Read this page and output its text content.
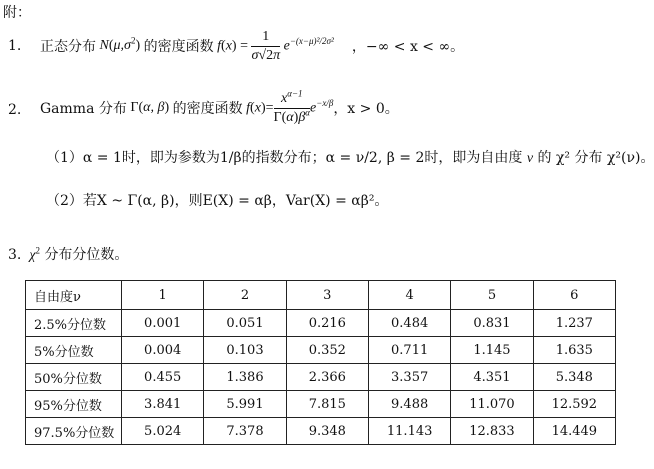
附：
1. 正态分布 $N(\mu,\sigma^2)$ 的密度函数 $f(x) = \frac{1}{\sigma√2\pi} e^{-(x-\mu)^2/2\sigma^2}$ ，−∞ < x < ∞。
2. Gamma 分布 Γ(α, β) 的密度函数 $f(x)= \frac{x^{\alpha-1}}{\Gamma(\alpha)\beta^\alpha} e^{-x/\beta}$ ，x > 0。
（1）α = 1时，即为参数为1/β的指数分布；α = ν/2, β = 2时，即为自由度 ν 的 χ² 分布 χ²(ν)。
（2）若X ~ Γ(α, β)，则E(X) = αβ，Var(X) = αβ²。
3.  $\chi^2$ 分布分位数。
自由度ν	1	2	3	4	5	6
2.5%分位数	0.001	0.051	0.216	0.484	0.831	1.237
5%分位数	0.004	0.103	0.352	0.711	1.145	1.635
50%分位数	0.455	1.386	2.366	3.357	4.351	5.348
95%分位数	3.841	5.991	7.815	9.488	11.070	12.592
97.5%分位数	5.024	7.378	9.348	11.143	12.833	14.449
